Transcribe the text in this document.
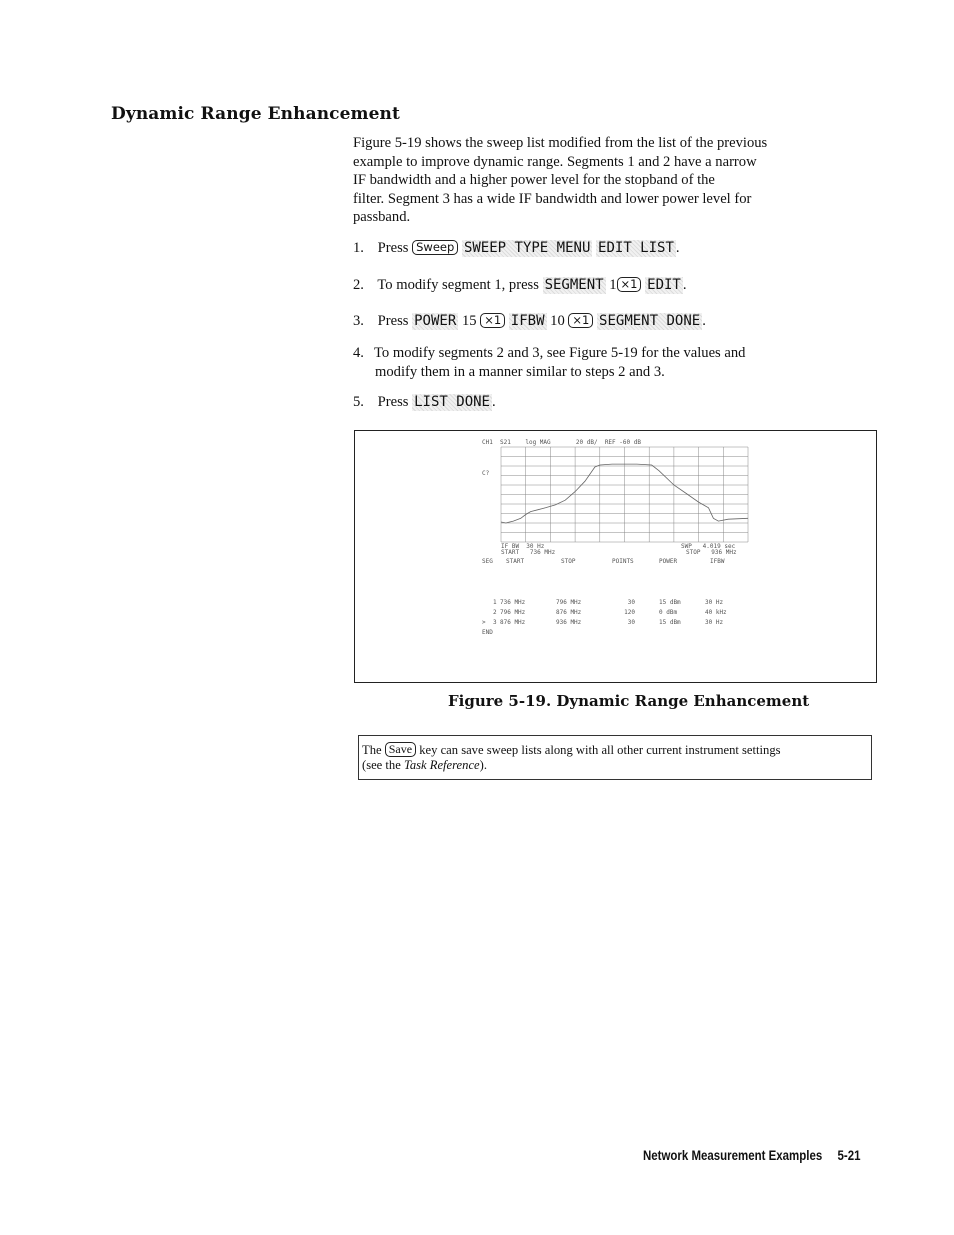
Dynamic Range Enhancement

Figure 5-19 shows the sweep list modified from the list of the previous

example to improve dynamic range. Segments 1 and 2 have a narrow

IF bandwidth and a higher power level for the stopband of the

filter. Segment 3 has a wide IF bandwidth and lower power level for

passband.

1. Press Sweep SWEEP TYPE MENU EDIT LIST .
2. To modify segment 1, press SEGMENT 1 ×1 EDIT .
3. Press POWER 15 ×1 IFBW 10 ×1 SEGMENT DONE .
4. To modify segments 2 and 3, see Figure 5-19 for the values and
modify them in a manner similar to steps 2 and 3.
5. Press LIST DONE .
CH1  S21    log MAG       20 dB/  REF -60 dB
C?
IF BW  30 Hz	SWP   4.019 sec
START   736 MHz	STOP   936 MHz
SEG START	STOP	POINTS	POWER	IFBW
1 736 MHz	796 MHz	30	15 dBm	30 Hz
2 796 MHz	876 MHz	120	0 dBm	40 kHz
> 3 876 MHz	936 MHz	30	15 dBm	30 Hz
END
Figure 5-19. Dynamic Range Enhancement
The Save key can save sweep lists along with all other current instrument settings
(see the Task Reference).
Network Measurement Examples 5-21
